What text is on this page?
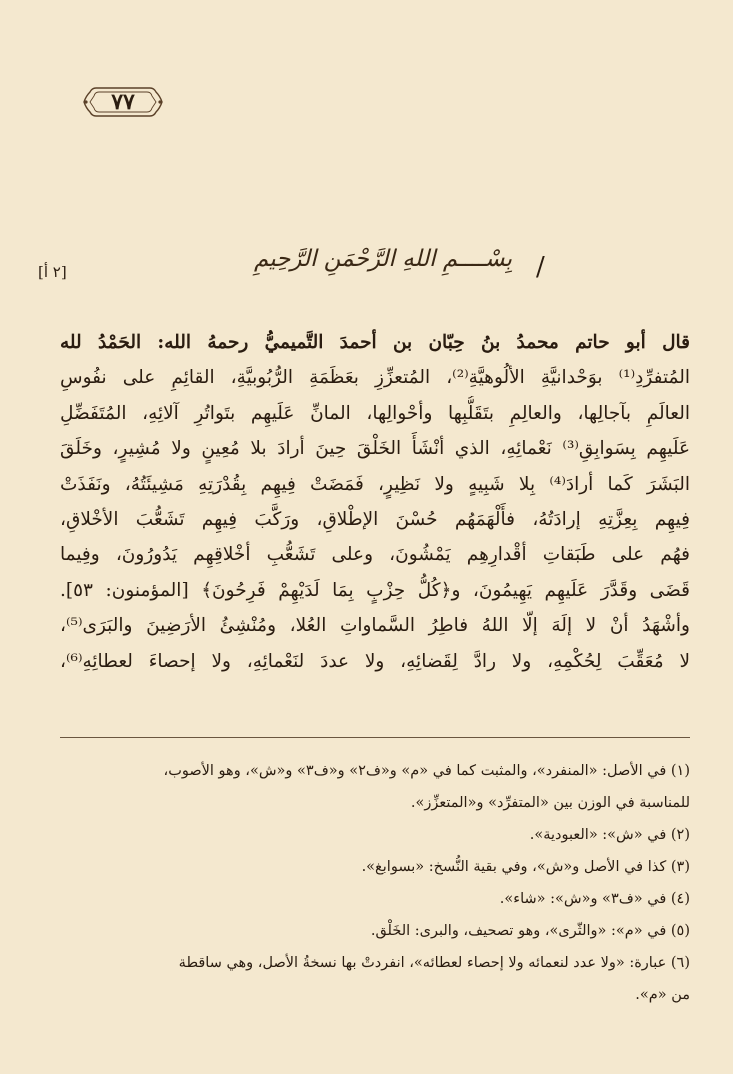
٧٧
/
بِسْــــمِ اللهِ الرَّحْمَنِ الرَّحِيمِ
[٢ أ]
قال أبو حاتم محمدُ بنُ حِبّان بن أحمدَ التَّميميُّ رحمهُ الله: الحَمْدُ لله
المُتفرِّدِ⁽¹⁾ بوَحْدانيَّةِ الألُوهيَّةِ⁽²⁾، المُتعزِّزِ بعَظَمَةِ الرُّبُوبيَّةِ، القائِمِ على نفُوسِ
العالَمِ بآجالِها، والعالِمِ بتَقَلُّبِها وأحْوالِها، المانِّ عَلَيهِم بتَواتُرِ آلائِهِ، المُتَفَضِّلِ
عَلَيهِم بِسَوابِقِ⁽³⁾ نَعْمائِهِ، الذي أنْشَأَ الخَلْقَ حِينَ أرادَ بلا مُعِينٍ ولا مُشِيرٍ، وخَلَقَ
البَشَرَ كَما أرادَ⁽⁴⁾ بِلا شَبِيهٍ ولا نَظِيرٍ، فَمَضَتْ فِيهِم بِقُدْرَتِهِ مَشِيئَتُهُ، ونَفَذَتْ
فِيهِم بِعِزَّتِهِ إرادَتُهُ، فأَلْهَمَهُم حُسْنَ الإطْلاقِ، ورَكَّبَ فِيهِم تَشَعُّبَ الأخْلاقِ،
فهُم على طَبَقاتِ أقْدارِهِم يَمْشُونَ، وعلى تَشَعُّبِ أخْلاقِهِم يَدُورُونَ، وفِيما
قَضَى وقَدَّرَ عَلَيهِم يَهِيمُونَ، و﴿كُلُّ حِزْبٍ بِمَا لَدَيْهِمْ فَرِحُونَ﴾ [المؤمنون: ٥٣].
وأشْهَدُ أنْ لا إلَهَ إلّا اللهُ فاطِرُ السَّماواتِ العُلا، ومُنْشِئُ الأرَضِينَ والبَرَى⁽⁵⁾،
لا مُعَقِّبَ لِحُكْمِهِ، ولا رادَّ لِقَضائِهِ، ولا عددَ لنَعْمائِهِ، ولا إحصاءَ لعطائِهِ⁽⁶⁾،
(١) في الأصل: «المنفرد»، والمثبت كما في «م» و«ف٢» و«ف٣» و«ش»، وهو الأصوب،
للمناسبة في الوزن بين «المتفرِّد» و«المتعزِّز».
(٢) في «ش»: «العبودية».
(٣) كذا في الأصل و«ش»، وفي بقية النُّسخ: «بسوابغ».
(٤) في «ف٣» و«ش»: «شاء».
(٥) في «م»: «والثّرى»، وهو تصحيف، والبرى: الخَلْق.
(٦) عبارة: «ولا عدد لنعمائه ولا إحصاء لعطائه»، انفردتْ بها نسخةُ الأصل، وهي ساقطة
من «م».
